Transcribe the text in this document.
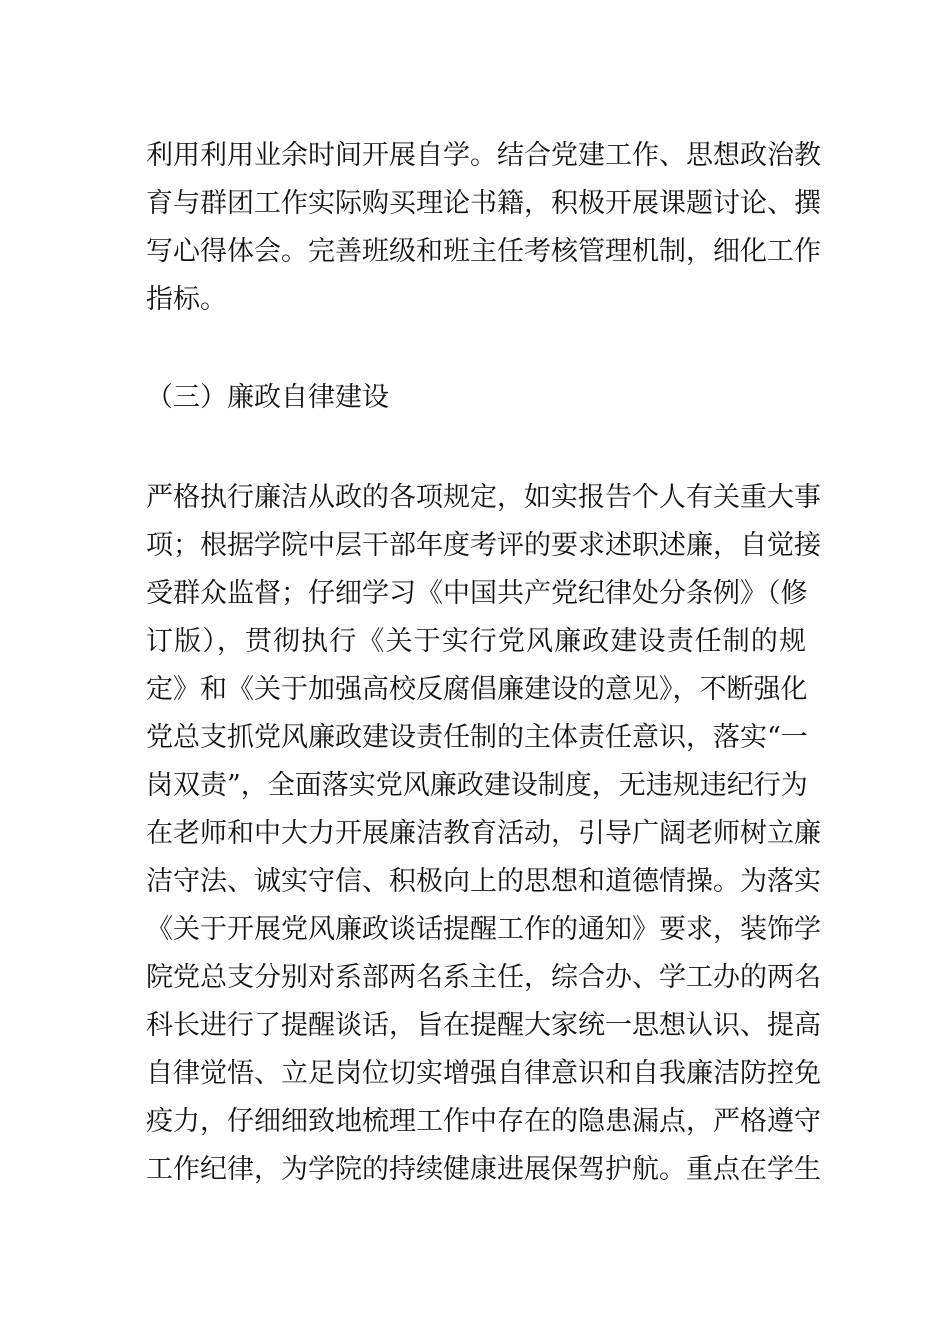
利用利用业余时间开展自学。结合党建工作、思想政治教
育与群团工作实际购买理论书籍，积极开展课题讨论、撰
写心得体会。完善班级和班主任考核管理机制，细化工作
指标。
（三）廉政自律建设
严格执行廉洁从政的各项规定，如实报告个人有关重大事
项；根据学院中层干部年度考评的要求述职述廉，自觉接
受群众监督；仔细学习《中国共产党纪律处分条例》（修
订版），贯彻执行《关于实行党风廉政建设责任制的规
定》和《关于加强高校反腐倡廉建设的意见》，不断强化
党总支抓党风廉政建设责任制的主体责任意识，落实“一
岗双责”，全面落实党风廉政建设制度，无违规违纪行为
在老师和中大力开展廉洁教育活动，引导广阔老师树立廉
洁守法、诚实守信、积极向上的思想和道德情操。为落实
《关于开展党风廉政谈话提醒工作的通知》要求，装饰学
院党总支分别对系部两名系主任，综合办、学工办的两名
科长进行了提醒谈话，旨在提醒大家统一思想认识、提高
自律觉悟、立足岗位切实增强自律意识和自我廉洁防控免
疫力，仔细细致地梳理工作中存在的隐患漏点，严格遵守
工作纪律，为学院的持续健康进展保驾护航。重点在学生
